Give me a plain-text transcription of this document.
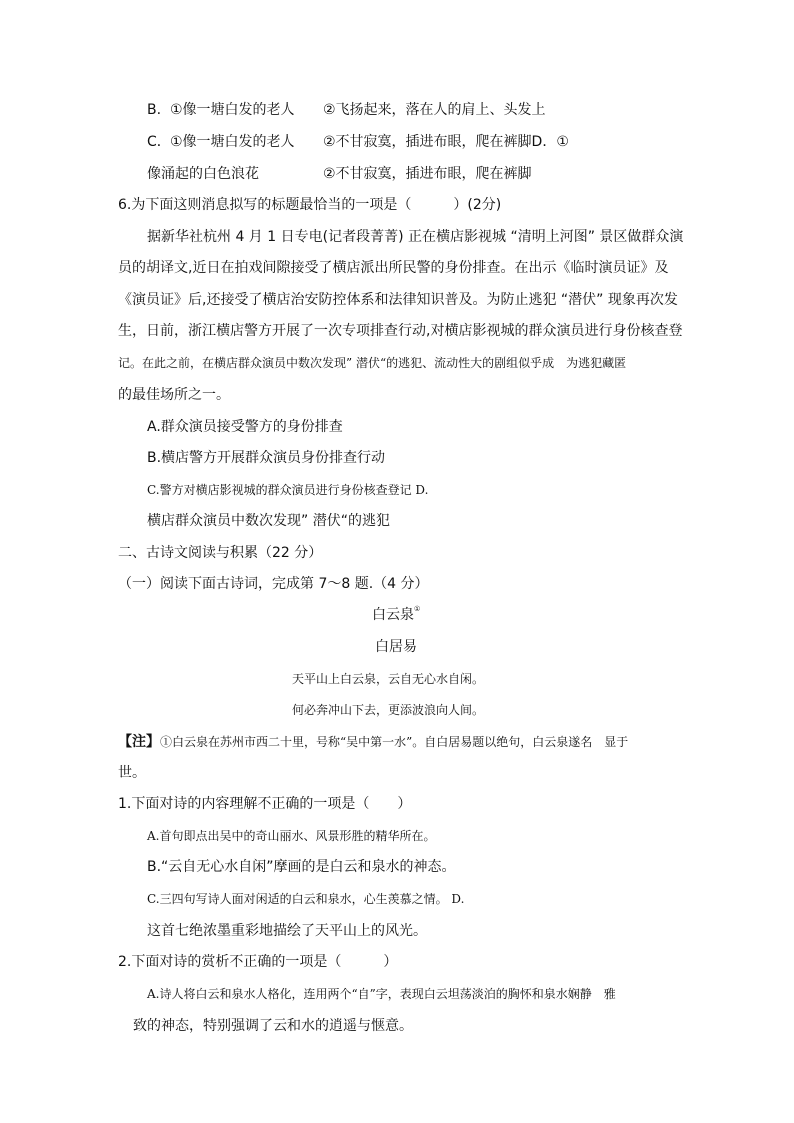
B. ①像一塘白发的老人 ②飞扬起来，落在人的肩上、头发上
C． ①像一塘白发的老人 ②不甘寂寞，插进布眼，爬在裤脚D．①
像涌起的白色浪花	②不甘寂寞，插进布眼，爬在裤脚
6.为下面这则消息拟写的标题最恰当的一项是（　　　）(2分)
据新华社杭州 4 月 1 日专电(记者段菁菁) 正在横店影视城 “清明上河图” 景区做群众演
员的胡译文,近日在拍戏间隙接受了横店派出所民警的身份排查。在出示《临时演员证》及
《演员证》后,还接受了横店治安防控体系和法律知识普及。为防止逃犯 “潜伏” 现象再次发
生，日前，浙江横店警方开展了一次专项排查行动,对横店影视城的群众演员进行身份核查登
记。在此之前，在横店群众演员中数次发现” 潜伏“的逃犯、流动性大的剧组似乎成　为逃犯藏匿
的最佳场所之一。
A.群众演员接受警方的身份排查
B.横店警方开展群众演员身份排查行动
C.警方对横店影视城的群众演员进行身份核查登记 D.
横店群众演员中数次发现” 潜伏“的逃犯
二、古诗文阅读与积累（22 分）
（一）阅读下面古诗词，完成第 7～8 题.（4 分）
白云泉①
白居易
天平山上白云泉，云自无心水自闲。
何必奔冲山下去，更添波浪向人间。
【注】①白云泉在苏州市西二十里，号称“吴中第一水”。自白居易题以绝句，白云泉遂名　显于
世。
1.下面对诗的内容理解不正确的一项是（　　）
A.首句即点出吴中的奇山丽水、风景形胜的精华所在。
B.“云自无心水自闲”摩画的是白云和泉水的神态。
C.三四句写诗人面对闲适的白云和泉水，心生羡慕之情。 D.
这首七绝浓墨重彩地描绘了天平山上的风光。
2.下面对诗的赏析不正确的一项是（　　　）
A.诗人将白云和泉水人格化，连用两个“自”字，表现白云坦荡淡泊的胸怀和泉水娴静　雅
致的神态，特别强调了云和水的逍遥与惬意。
